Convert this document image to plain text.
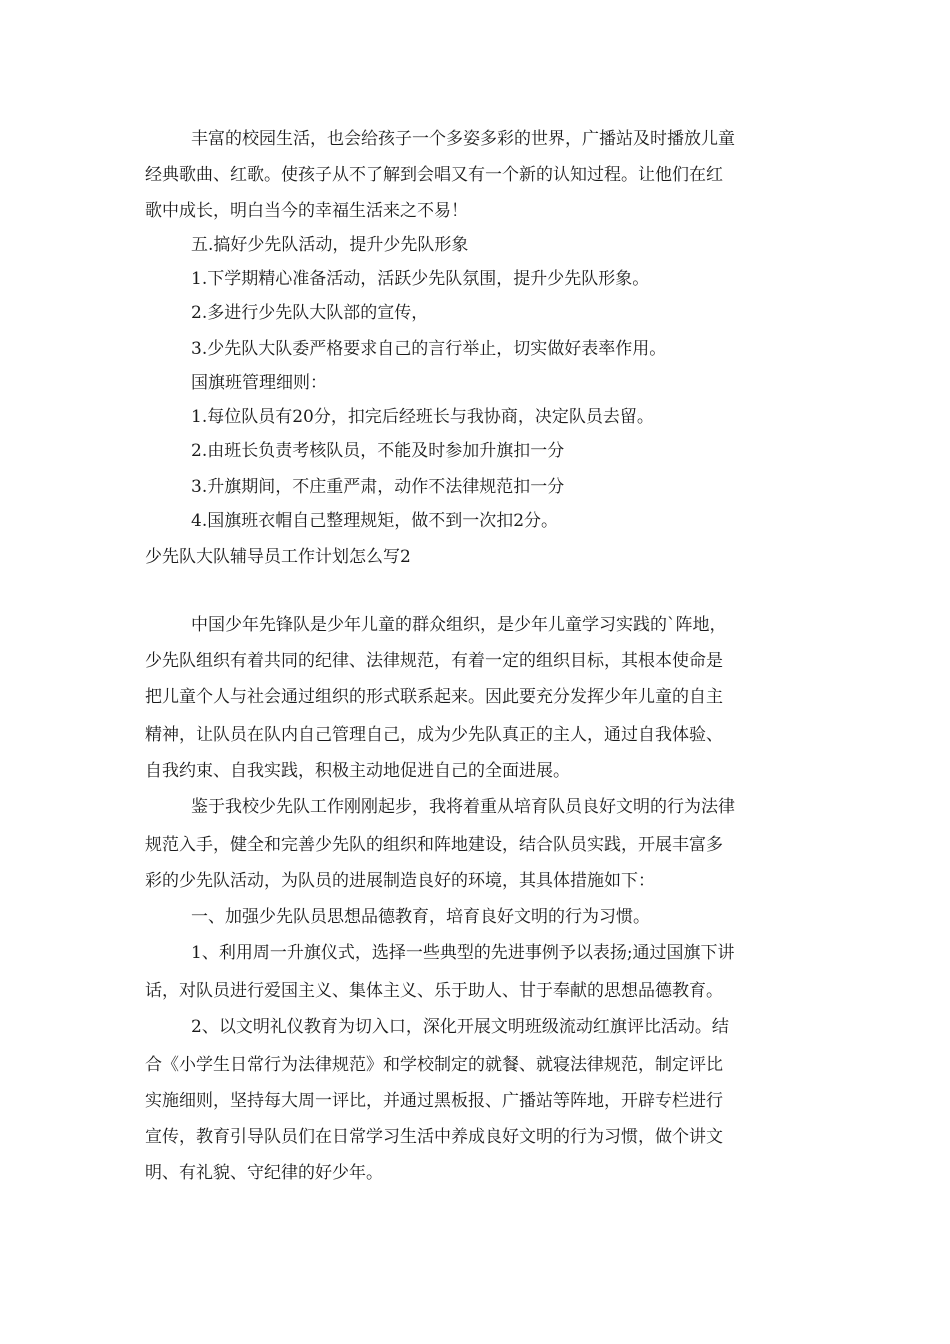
丰富的校园生活，也会给孩子一个多姿多彩的世界，广播站及时播放儿童

经典歌曲、红歌。使孩子从不了解到会唱又有一个新的认知过程。让他们在红

歌中成长，明白当今的幸福生活来之不易！

五.搞好少先队活动，提升少先队形象

1.下学期精心准备活动，活跃少先队氛围，提升少先队形象。

2.多进行少先队大队部的宣传，

3.少先队大队委严格要求自己的言行举止，切实做好表率作用。

国旗班管理细则：

1.每位队员有20分，扣完后经班长与我协商，决定队员去留。

2.由班长负责考核队员，不能及时参加升旗扣一分

3.升旗期间，不庄重严肃，动作不法律规范扣一分

4.国旗班衣帽自己整理规矩，做不到一次扣2分。

少先队大队辅导员工作计划怎么写2

中国少年先锋队是少年儿童的群众组织，是少年儿童学习实践的`阵地，

少先队组织有着共同的纪律、法律规范，有着一定的组织目标，其根本使命是

把儿童个人与社会通过组织的形式联系起来。因此要充分发挥少年儿童的自主

精神，让队员在队内自己管理自己，成为少先队真正的主人，通过自我体验、

自我约束、自我实践，积极主动地促进自己的全面进展。

鉴于我校少先队工作刚刚起步，我将着重从培育队员良好文明的行为法律

规范入手，健全和完善少先队的组织和阵地建设，结合队员实践，开展丰富多

彩的少先队活动，为队员的进展制造良好的环境，其具体措施如下：

一、加强少先队员思想品德教育，培育良好文明的行为习惯。

1、利用周一升旗仪式，选择一些典型的先进事例予以表扬;通过国旗下讲

话，对队员进行爱国主义、集体主义、乐于助人、甘于奉献的思想品德教育。

2、以文明礼仪教育为切入口，深化开展文明班级流动红旗评比活动。结

合《小学生日常行为法律规范》和学校制定的就餐、就寝法律规范，制定评比

实施细则，坚持每大周一评比，并通过黑板报、广播站等阵地，开辟专栏进行

宣传，教育引导队员们在日常学习生活中养成良好文明的行为习惯，做个讲文

明、有礼貌、守纪律的好少年。
